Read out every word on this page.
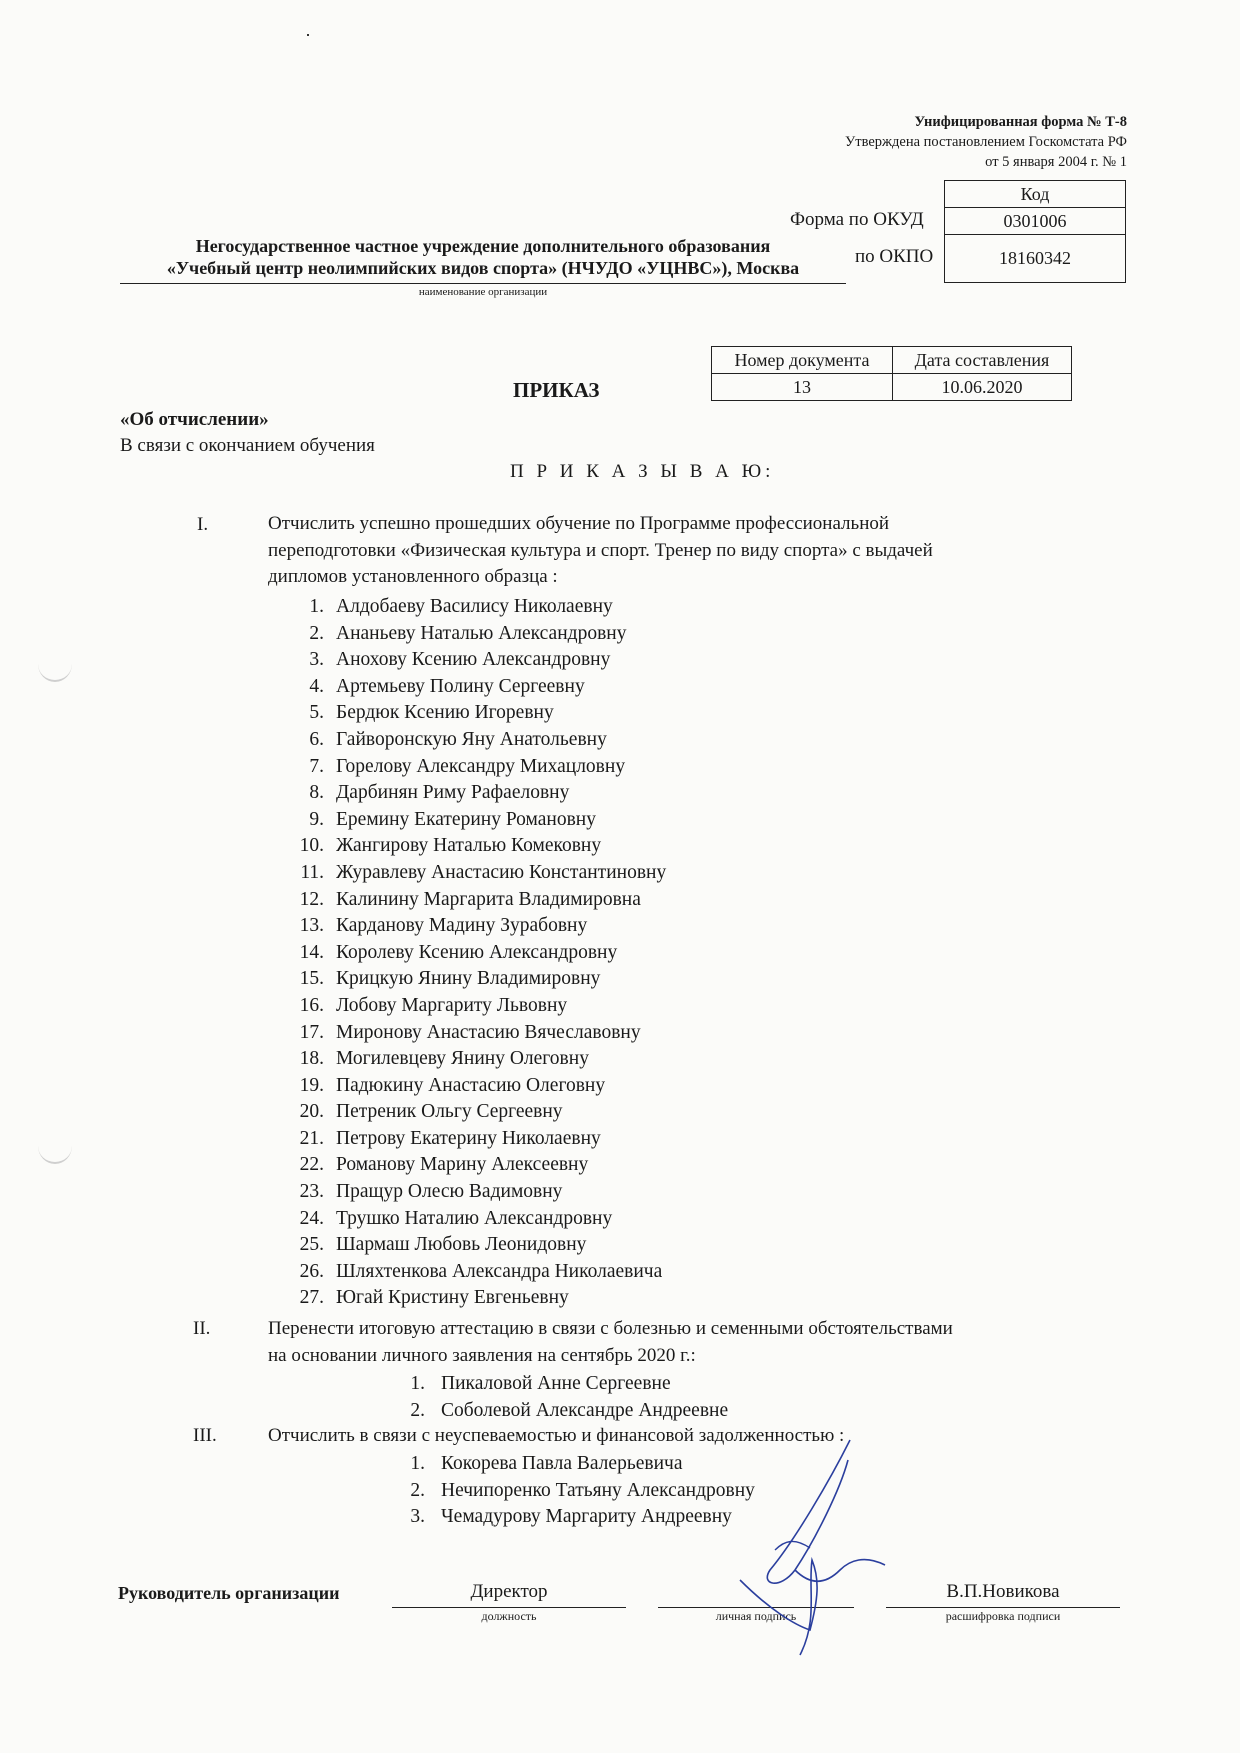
Унифицированная форма № Т-8
Утверждена постановлением Госкомстата РФ
от 5 января 2004 г. № 1
Код
0301006
18160342
Форма по ОКУД
по ОКПО
Негосударственное частное учреждение дополнительного образования
«Учебный центр неолимпийских видов спорта» (НЧУДО «УЦНВС»), Москва
наименование организации
Номер документа	Дата составления
13	10.06.2020
ПРИКАЗ
«Об отчислении»
В связи с окончанием обучения
П Р И К А З Ы В А Ю:
I.	Отчислить успешно прошедших обучение по Программе профессиональной
переподготовки «Физическая культура и спорт. Тренер по виду спорта» с выдачей
дипломов установленного образца :
1. Алдобаеву Василису Николаевну
2. Ананьеву Наталью Александровну
3. Анохову Ксению Александровну
4. Артемьеву Полину Сергеевну
5. Бердюк Ксению Игоревну
6. Гайворонскую Яну Анатольевну
7. Горелову Александру Михацловну
8. Дарбинян Риму Рафаеловну
9. Еремину Екатерину Романовну
10. Жангирову Наталью Комековну
11. Журавлеву Анастасию Константиновну
12. Калинину Маргарита Владимировна
13. Карданову Мадину Зурабовну
14. Королеву Ксению Александровну
15. Крицкую Янину Владимировну
16. Лобову Маргариту Львовну
17. Миронову Анастасию Вячеславовну
18. Могилевцеву Янину Олеговну
19. Падюкину Анастасию Олеговну
20. Петреник Ольгу Сергеевну
21. Петрову Екатерину Николаевну
22. Романову Марину Алексеевну
23. Пращур Олесю Вадимовну
24. Трушко Наталию Александровну
25. Шармаш Любовь Леонидовну
26. Шляхтенкова Александра Николаевича
27. Югай Кристину Евгеньевну
II.	Перенести итоговую аттестацию в связи с болезнью и семенными обстоятельствами
на основании личного заявления на сентябрь 2020 г.:
1. Пикаловой Анне Сергеевне
2. Соболевой Александре Андреевне
III.	Отчислить в связи с неуспеваемостью и финансовой задолженностью :
1. Кокорева Павла Валерьевича
2. Нечипоренко Татьяну Александровну
3. Чемадурову Маргариту Андреевну
Руководитель организации	Директор
должность	личная подпись
В.П.Новикова
расшифровка подписи
